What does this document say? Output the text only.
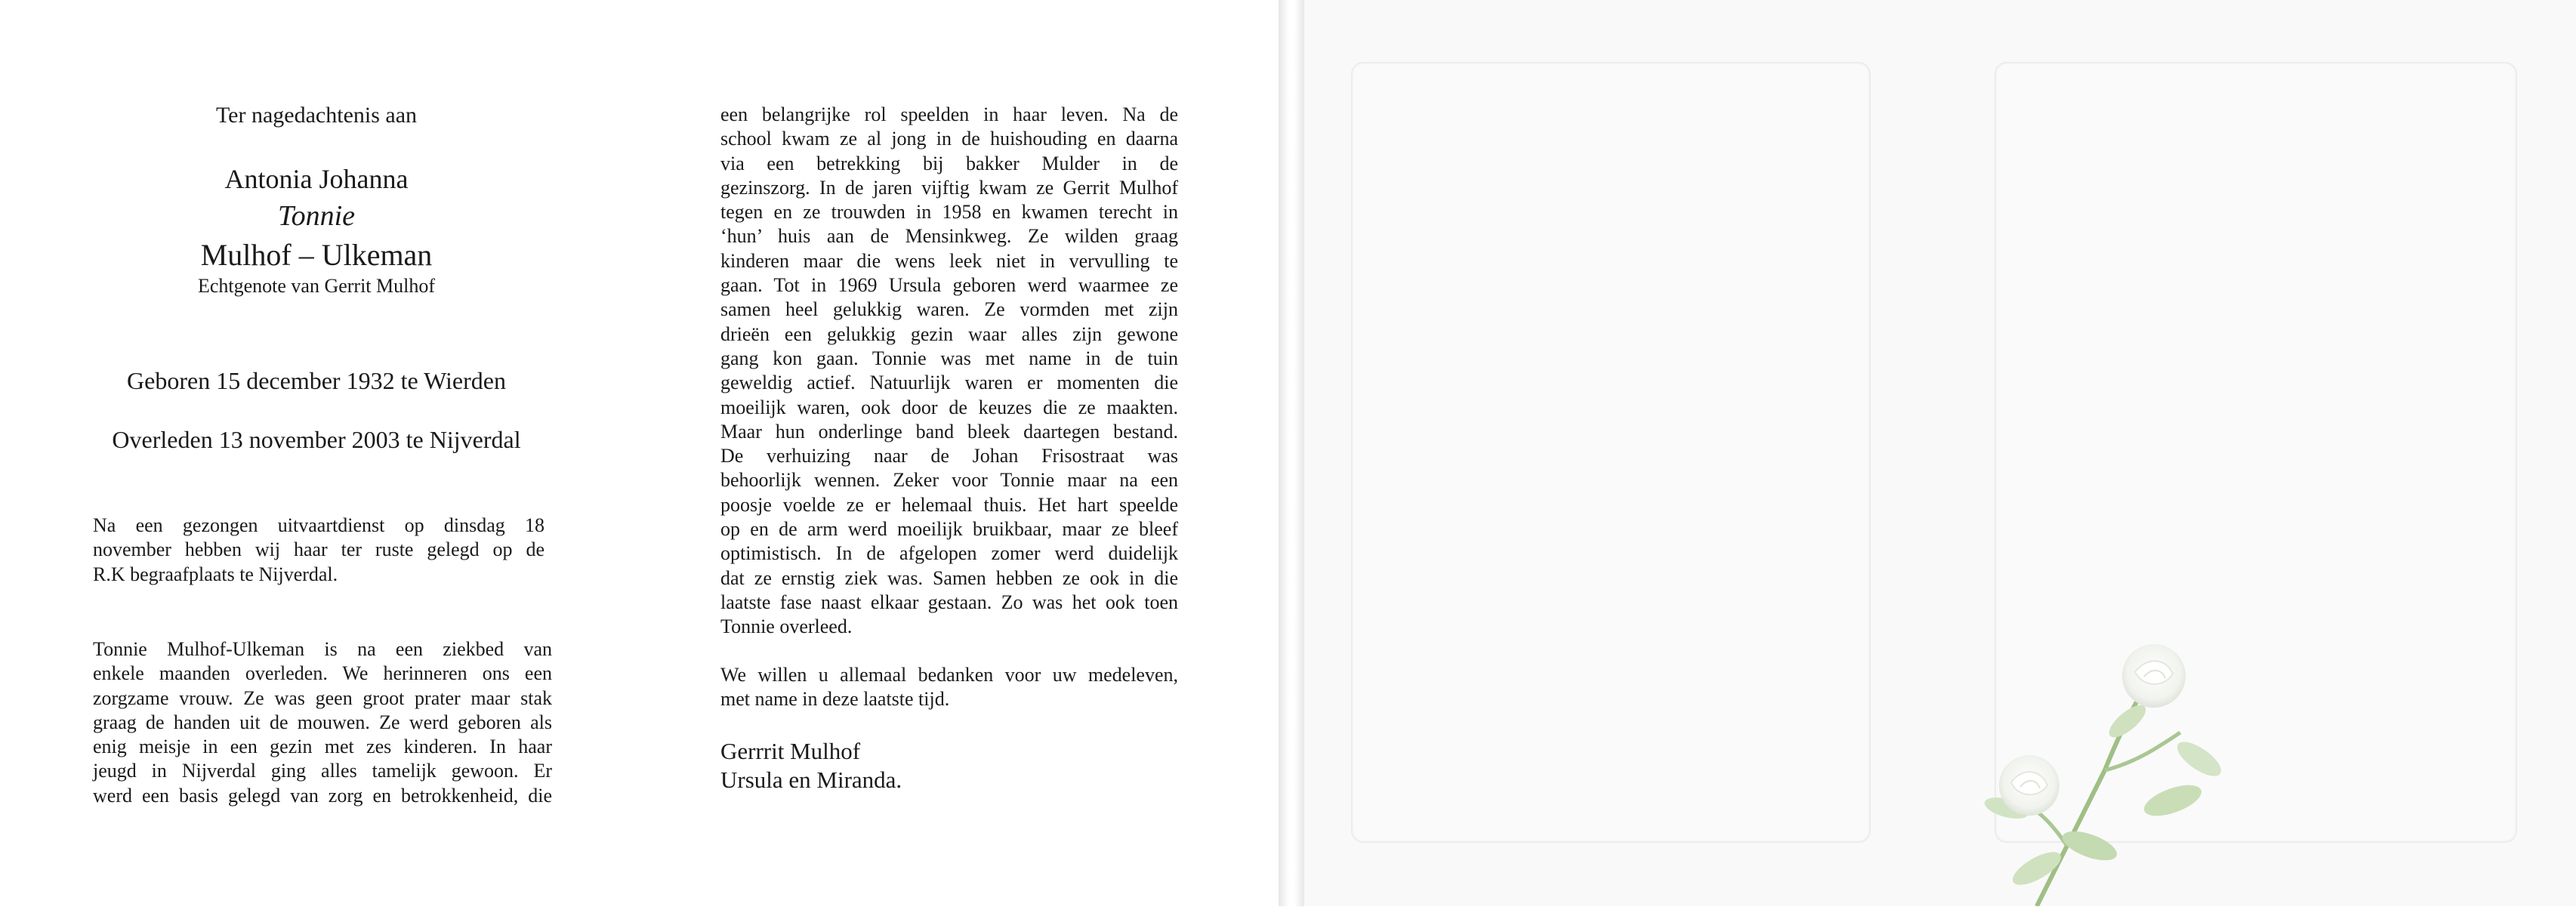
Ter nagedachtenis aan
Antonia Johanna
Tonnie
Mulhof – Ulkeman
Echtgenote van Gerrit Mulhof
Geboren 15 december 1932 te Wierden
Overleden 13 november 2003 te Nijverdal
Na een gezongen uitvaartdienst op dinsdag 18
november hebben wij haar ter ruste gelegd op de
R.K begraafplaats te Nijverdal.
Tonnie Mulhof-Ulkeman is na een ziekbed van
enkele maanden overleden. We herinneren ons een
zorgzame vrouw. Ze was geen groot prater maar stak
graag de handen uit de mouwen. Ze werd geboren als
enig meisje in een gezin met zes kinderen. In haar
jeugd in Nijverdal ging alles tamelijk gewoon. Er
werd een basis gelegd van zorg en betrokkenheid, die
een belangrijke rol speelden in haar leven. Na de
school kwam ze al jong in de huishouding en daarna
via een betrekking bij bakker Mulder in de
gezinszorg. In de jaren vijftig kwam ze Gerrit Mulhof
tegen en ze trouwden in 1958 en kwamen terecht in
‘hun’ huis aan de Mensinkweg. Ze wilden graag
kinderen maar die wens leek niet in vervulling te
gaan. Tot in 1969 Ursula geboren werd waarmee ze
samen heel gelukkig waren. Ze vormden met zijn
drieën een gelukkig gezin waar alles zijn gewone
gang kon gaan. Tonnie was met name in de tuin
geweldig actief. Natuurlijk waren er momenten die
moeilijk waren, ook door de keuzes die ze maakten.
Maar hun onderlinge band bleek daartegen bestand.
De verhuizing naar de Johan Frisostraat was
behoorlijk wennen. Zeker voor Tonnie maar na een
poosje voelde ze er helemaal thuis. Het hart speelde
op en de arm werd moeilijk bruikbaar, maar ze bleef
optimistisch. In de afgelopen zomer werd duidelijk
dat ze ernstig ziek was. Samen hebben ze ook in die
laatste fase naast elkaar gestaan. Zo was het ook toen
Tonnie overleed.
We willen u allemaal bedanken voor uw medeleven,
met name in deze laatste tijd.
Gerrrit Mulhof
Ursula en Miranda.
